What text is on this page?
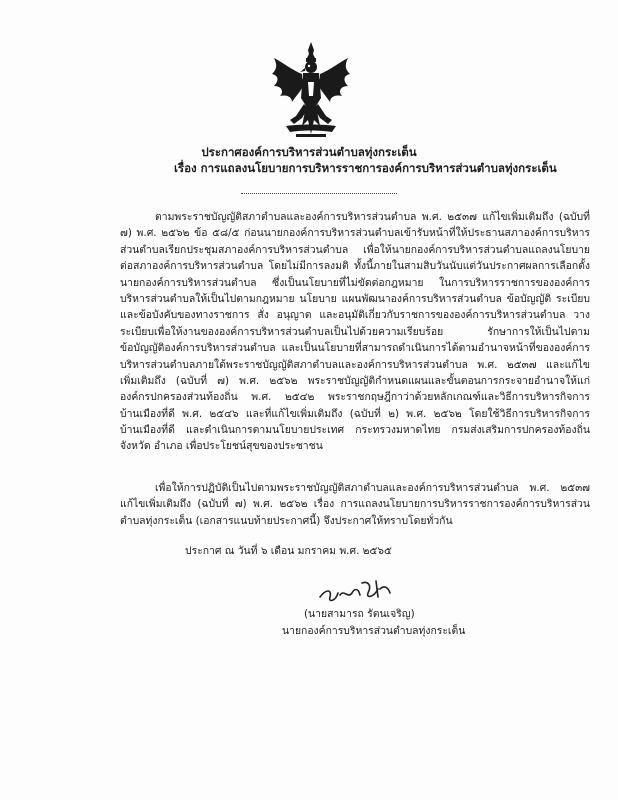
ประกาศองค์การบริหารส่วนตำบลทุ่งกระเต็น
เรื่อง การแถลงนโยบายการบริหารราชการองค์การบริหารส่วนตำบลทุ่งกระเต็น
ตามพระราชบัญญัติสภาตำบลและองค์การบริหารส่วนตำบล พ.ศ. ๒๕๓๗ แก้ไขเพิ่มเติมถึง (ฉบับที่
๗) พ.ศ. ๒๕๖๒ ข้อ ๕๘/๕ ก่อนนายกองค์การบริหารส่วนตำบลเข้ารับหน้าที่ให้ประธานสภาองค์การบริหาร
ส่วนตำบลเรียกประชุมสภาองค์การบริหารส่วนตำบล เพื่อให้นายกองค์การบริหารส่วนตำบลแถลงนโยบาย
ต่อสภาองค์การบริหารส่วนตำบล โดยไม่มีการลงมติ ทั้งนี้ภายในสามสิบวันนับแต่วันประกาศผลการเลือกตั้ง
นายกองค์การบริหารส่วนตำบล ซึ่งเป็นนโยบายที่ไม่ขัดต่อกฎหมาย ในการบริหารราชการขององค์การ
บริหารส่วนตำบลให้เป็นไปตามกฎหมาย นโยบาย แผนพัฒนาองค์การบริหารส่วนตำบล ข้อบัญญัติ ระเบียบ
และข้อบังคับของทางราชการ สั่ง อนุญาต และอนุมัติเกี่ยวกับราชการขององค์การบริหารส่วนตำบล วาง
ระเบียบเพื่อให้งานขององค์การบริหารส่วนตำบลเป็นไปด้วยความเรียบร้อย รักษาการให้เป็นไปตาม
ข้อบัญญัติองค์การบริหารส่วนตำบล และเป็นนโยบายที่สามารถดำเนินการได้ตามอำนาจหน้าที่ขององค์การ
บริหารส่วนตำบลภายใต้พระราชบัญญัติสภาตำบลและองค์การบริหารส่วนตำบล พ.ศ. ๒๕๓๗ และแก้ไข
เพิ่มเติมถึง (ฉบับที่ ๗) พ.ศ. ๒๕๖๒ พระราชบัญญัติกำหนดแผนและขั้นตอนการกระจายอำนาจให้แก่
องค์กรปกครองส่วนท้องถิ่น พ.ศ. ๒๕๔๒ พระราชกฤษฎีกาว่าด้วยหลักเกณฑ์และวิธีการบริหารกิจการ
บ้านเมืองที่ดี พ.ศ. ๒๕๔๖ และที่แก้ไขเพิ่มเติมถึง (ฉบับที่ ๒) พ.ศ. ๒๕๖๒ โดยใช้วิธีการบริหารกิจการ
บ้านเมืองที่ดี และดำเนินการตามนโยบายประเทศ กระทรวงมหาดไทย กรมส่งเสริมการปกครองท้องถิ่น
จังหวัด อำเภอ เพื่อประโยชน์สุขของประชาชน
เพื่อให้การปฏิบัติเป็นไปตามพระราชบัญญัติสภาตำบลและองค์การบริหารส่วนตำบล พ.ศ. ๒๕๓๗
แก้ไขเพิ่มเติมถึง (ฉบับที่ ๗) พ.ศ. ๒๕๖๒ เรื่อง การแถลงนโยบายการบริหารราชการองค์การบริหารส่วน
ตำบลทุ่งกระเต็น (เอกสารแนบท้ายประกาศนี้) จึงประกาศให้ทราบโดยทั่วกัน
ประกาศ ณ วันที่ ๖ เดือน มกราคม พ.ศ. ๒๕๖๕
(นายสามารถ รัตนเจริญ)
นายกองค์การบริหารส่วนตำบลทุ่งกระเต็น
